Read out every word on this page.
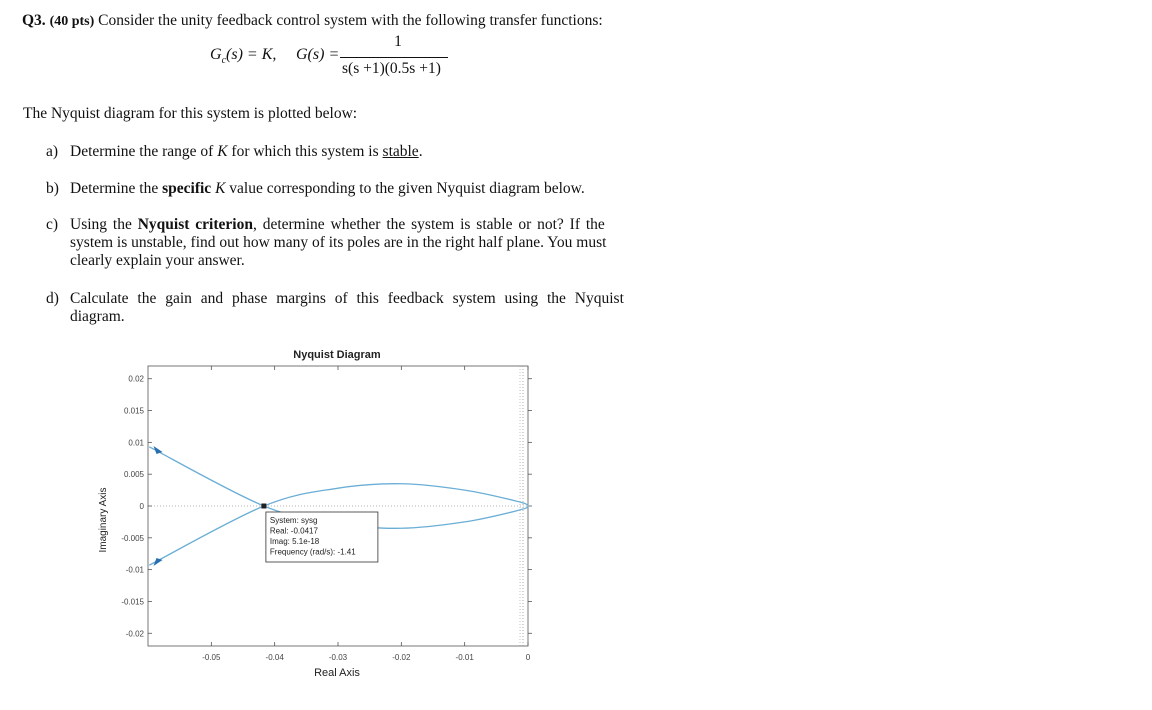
Q3. (40 pts) Consider the unity feedback control system with the following transfer functions:
$G_c(s) = K$, G(s) =
1
s(s +1)(0.5s +1)
The Nyquist diagram for this system is plotted below:
a) Determine the range of K for which this system is stable.
b) Determine the specific K value corresponding to the given Nyquist diagram below.
c) Using the Nyquist criterion, determine whether the system is stable or not? If the
system is unstable, find out how many of its poles are in the right half plane. You must
clearly explain your answer.
d) Calculate the gain and phase margins of this feedback system using the Nyquist
diagram.
Nyquist Diagram
Imaginary Axis
Real Axis
-0.05	-0.04	-0.03	-0.02	-0.01	0
0.02
0.015
0.01
0.005
0
-0.005
-0.01
-0.015
-0.02
System: sysg
Real: -0.0417
Imag: 5.1e-18
Frequency (rad/s): -1.41
